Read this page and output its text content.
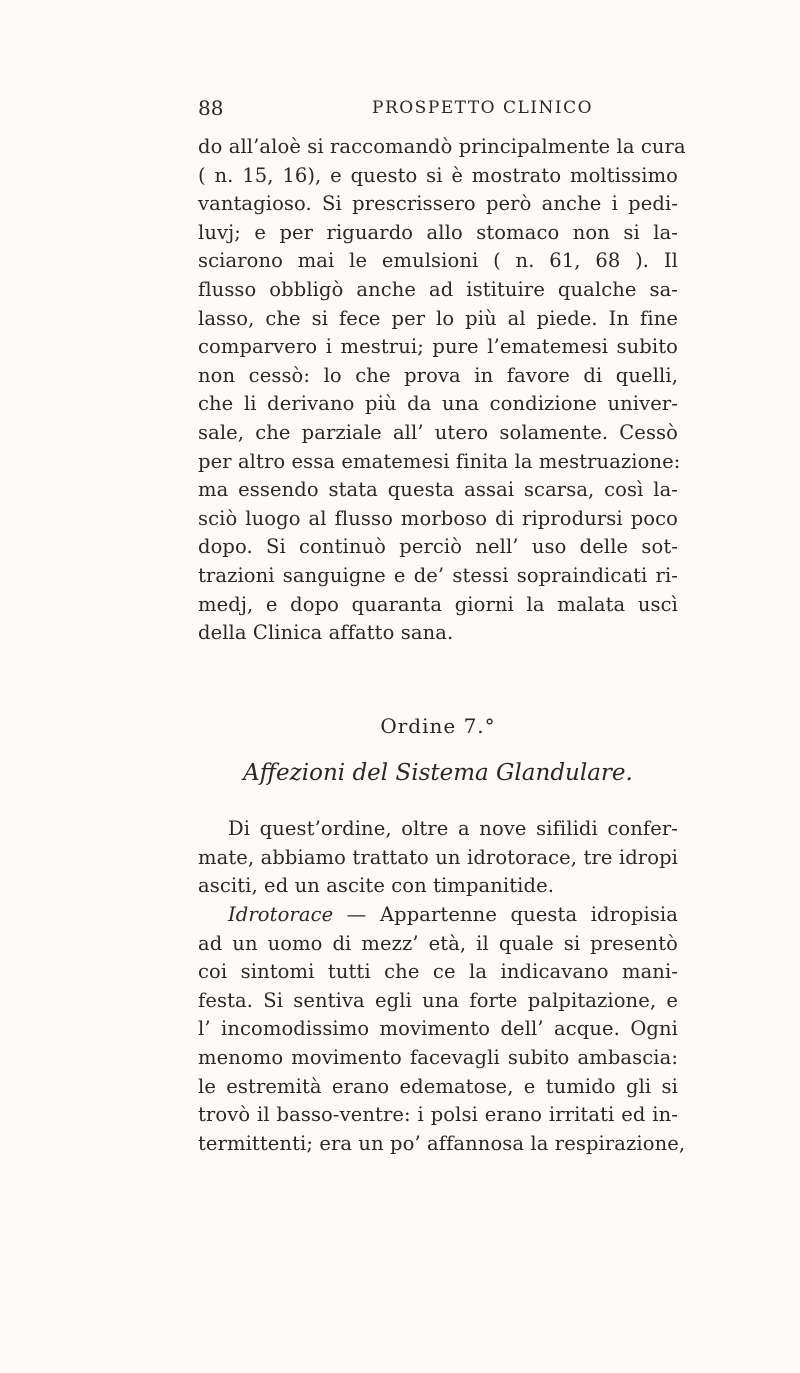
88	PROSPETTO CLINICO
do all’aloè si raccomandò principalmente la cura
( n. 15, 16), e questo si è mostrato moltissimo
vantagioso. Si prescrissero però anche i pedi-
luvj; e per riguardo allo stomaco non si la-
sciarono mai le emulsioni ( n. 61, 68 ). Il
flusso obbligò anche ad istituire qualche sa-
lasso, che si fece per lo più al piede. In fine
comparvero i mestrui; pure l’ematemesi subito
non cessò: lo che prova in favore di quelli,
che li derivano più da una condizione univer-
sale, che parziale all’ utero solamente. Cessò
per altro essa ematemesi finita la mestruazione:
ma essendo stata questa assai scarsa, così la-
sciò luogo al flusso morboso di riprodursi poco
dopo. Si continuò perciò nell’ uso delle sot-
trazioni sanguigne e de’ stessi sopraindicati ri-
medj, e dopo quaranta giorni la malata uscì
della Clinica affatto sana.
Ordine 7.°
Affezioni del Sistema Glandulare.
Di quest’ordine, oltre a nove sifilidi confer-
mate, abbiamo trattato un idrotorace, tre idropi
asciti, ed un ascite con timpanitide.
Idrotorace — Appartenne questa idropisia
ad un uomo di mezz’ età, il quale si presentò
coi sintomi tutti che ce la indicavano mani-
festa. Si sentiva egli una forte palpitazione, e
l’ incomodissimo movimento dell’ acque. Ogni
menomo movimento facevagli subito ambascia:
le estremità erano edematose, e tumido gli si
trovò il basso-ventre: i polsi erano irritati ed in-
termittenti; era un po’ affannosa la respirazione,
